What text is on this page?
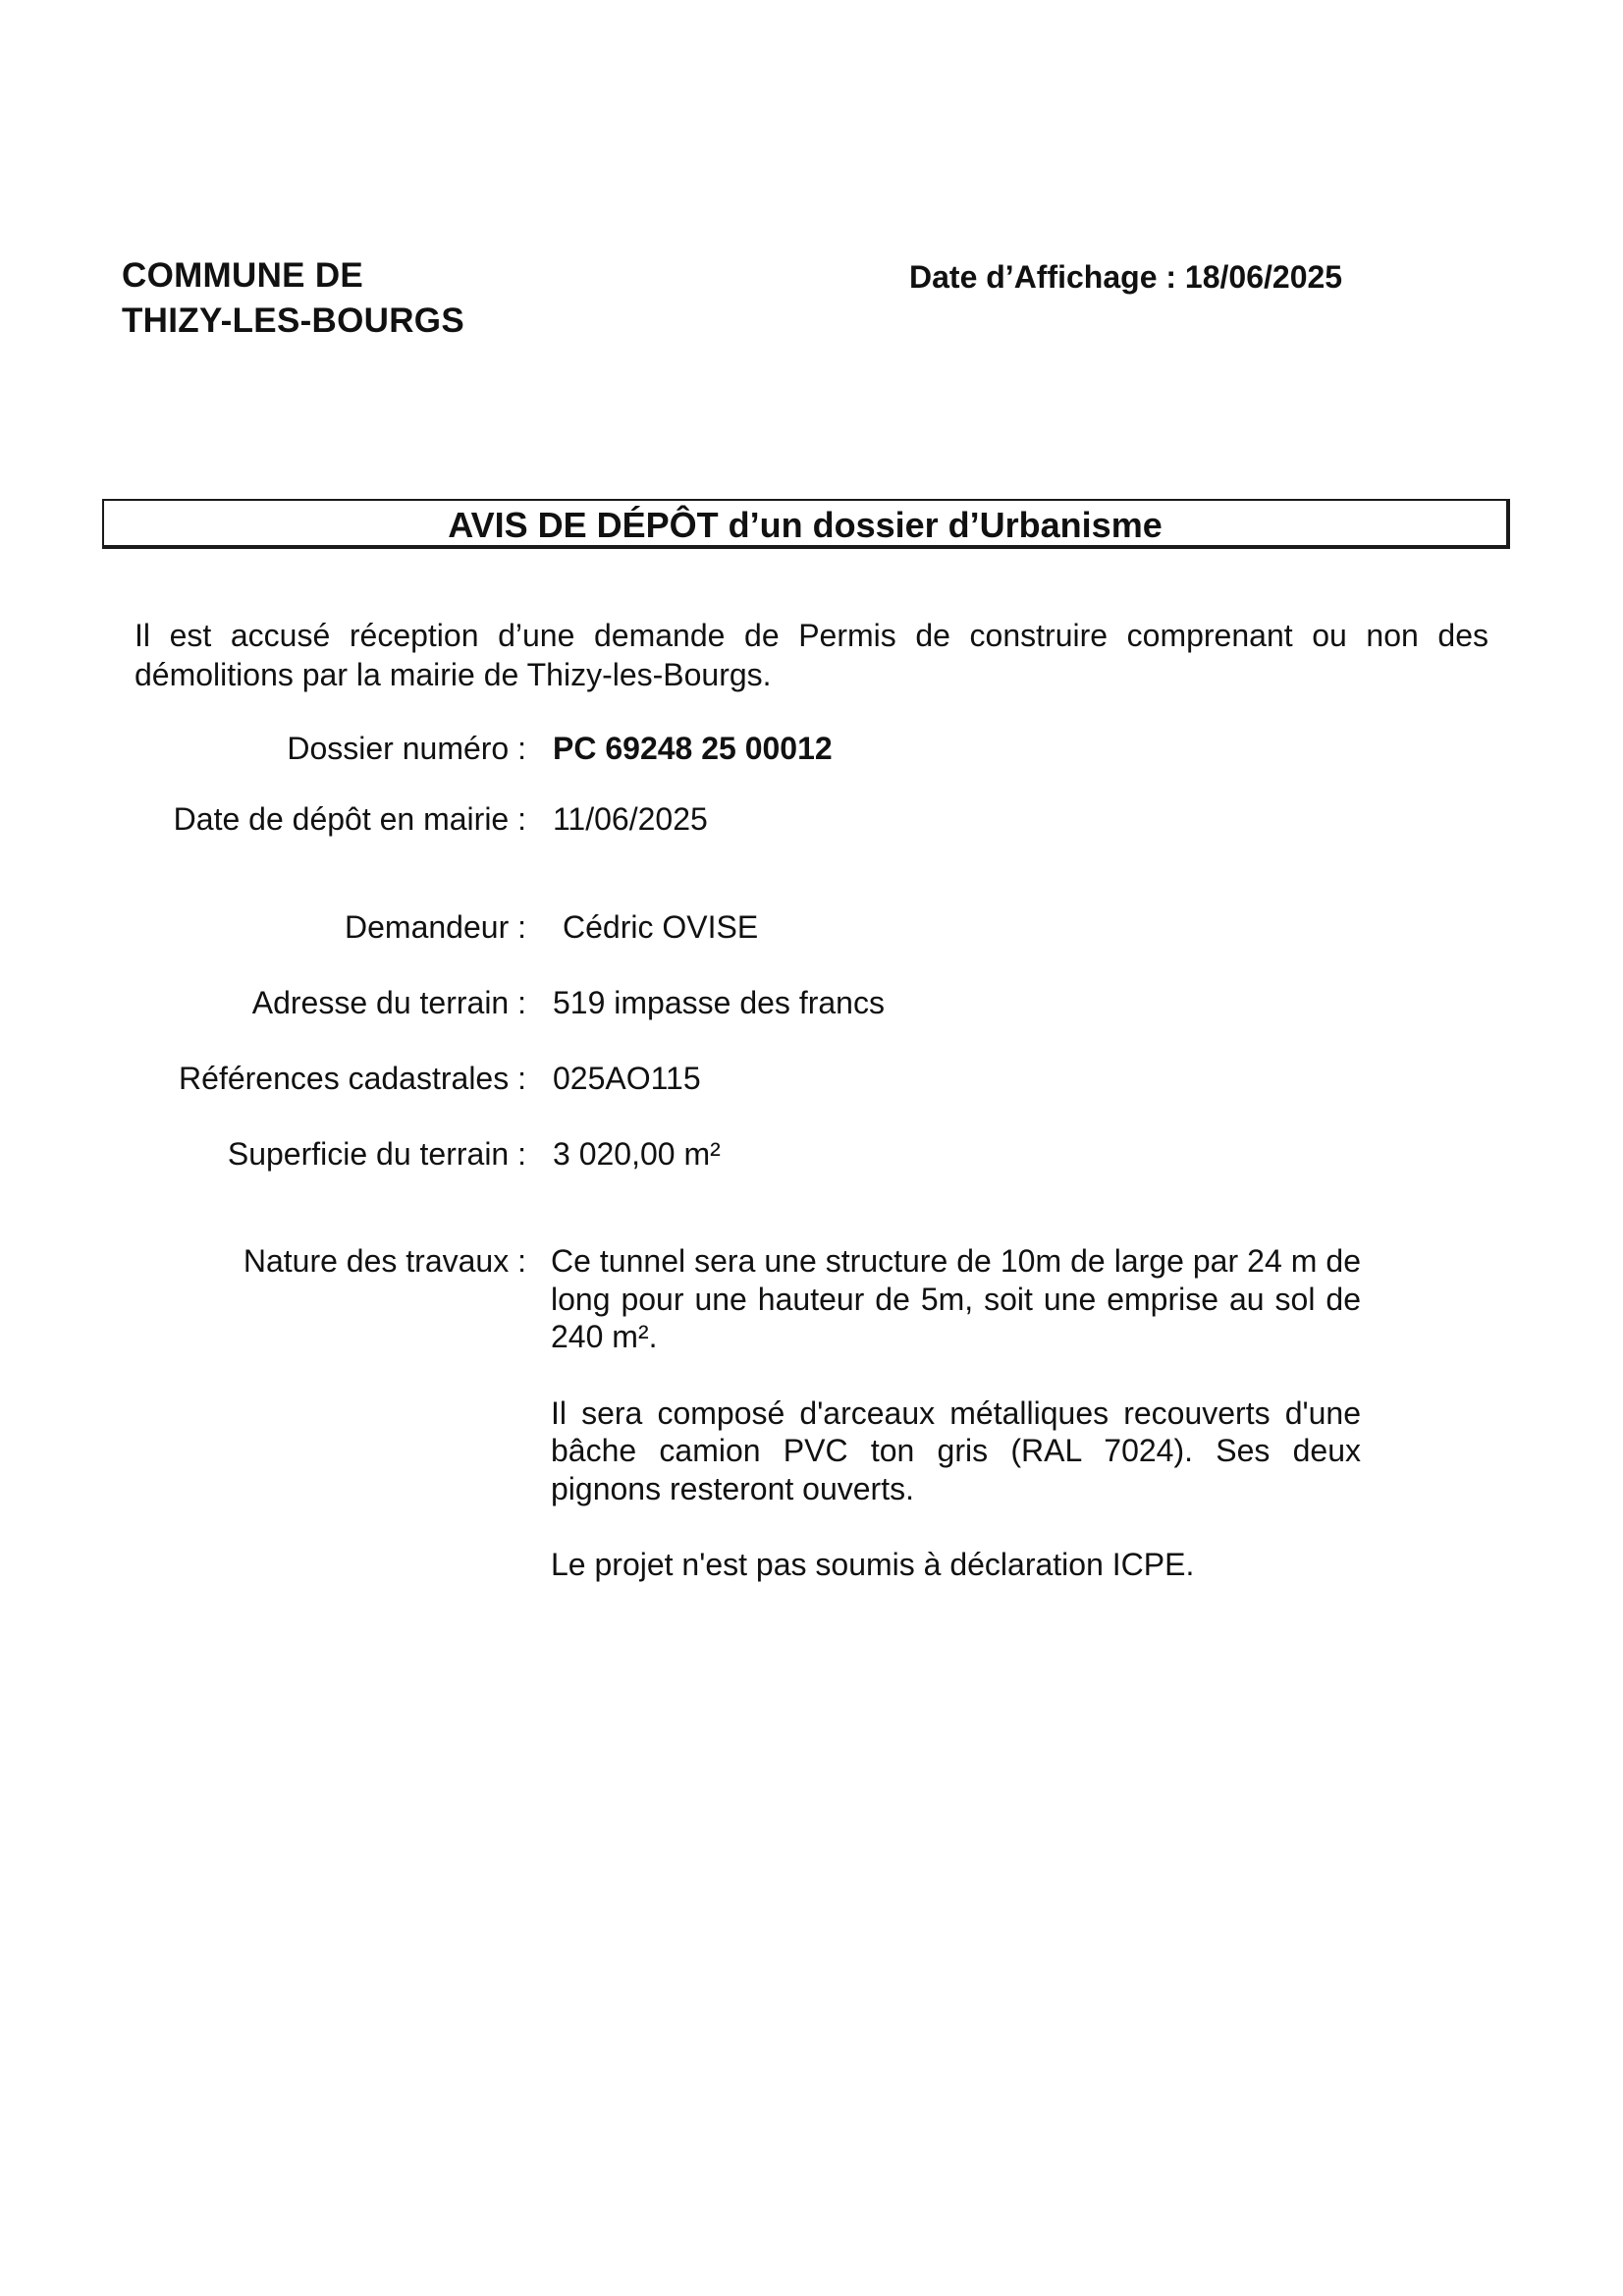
COMMUNE DE
THIZY-LES-BOURGS
Date d’Affichage : 18/06/2025
AVIS DE DÉPÔT d’un dossier d’Urbanisme
Il est accusé réception d’une demande de Permis de construire comprenant ou non des démolitions par la mairie de Thizy-les-Bourgs.
Dossier numéro : PC 69248 25 00012
Date de dépôt en mairie : 11/06/2025
Demandeur : Cédric OVISE
Adresse du terrain : 519 impasse des francs
Références cadastrales : 025AO115
Superficie du terrain : 3 020,00 m²
Nature des travaux : Ce tunnel sera une structure de 10m de large par 24 m de long pour une hauteur de 5m, soit une emprise au sol de 240 m².

Il sera composé d'arceaux métalliques recouverts d'une bâche camion PVC ton gris (RAL 7024). Ses deux pignons resteront ouverts.

Le projet n'est pas soumis à déclaration ICPE.
